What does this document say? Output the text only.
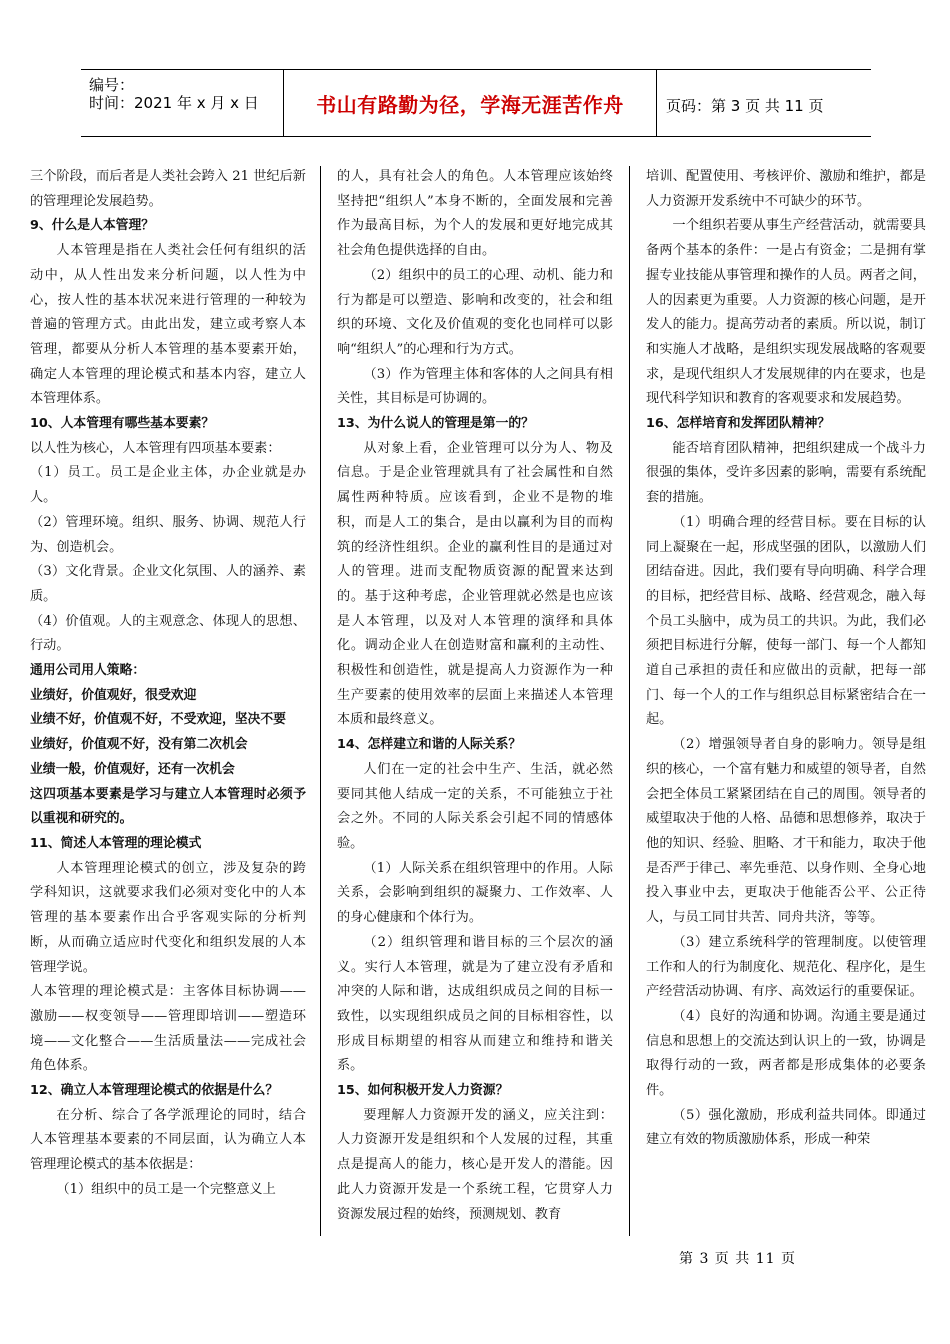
编号：
时间：2021 年 x 月 x 日	书山有路勤为径，学海无涯苦作舟	页码：第 3 页 共 11 页

三个阶段，而后者是人类社会跨入 21 世纪后新的管理理论发展趋势。

9、什么是人本管理？

人本管理是指在人类社会任何有组织的活动中，从人性出发来分析问题，以人性为中心，按人性的基本状况来进行管理的一种较为普遍的管理方式。由此出发，建立或考察人本管理，都要从分析人本管理的基本要素开始，确定人本管理的理论模式和基本内容，建立人本管理体系。

10、人本管理有哪些基本要素？

以人性为核心，人本管理有四项基本要素：

（1）员工。员工是企业主体，办企业就是办人。

（2）管理环境。组织、服务、协调、规范人行为、创造机会。

（3）文化背景。企业文化氛围、人的涵养、素质。

（4）价值观。人的主观意念、体现人的思想、行动。

通用公司用人策略：

业绩好，价值观好，很受欢迎

业绩不好，价值观不好，不受欢迎，坚决不要

业绩好，价值观不好，没有第二次机会

业绩一般，价值观好，还有一次机会

这四项基本要素是学习与建立人本管理时必须予以重视和研究的。

11、简述人本管理的理论模式

人本管理理论模式的创立，涉及复杂的跨学科知识，这就要求我们必须对变化中的人本管理的基本要素作出合乎客观实际的分析判断，从而确立适应时代变化和组织发展的人本管理学说。

人本管理的理论模式是：主客体目标协调——激励——权变领导——管理即培训——塑造环境——文化整合——生活质量法——完成社会角色体系。

12、确立人本管理理论模式的依据是什么？

在分析、综合了各学派理论的同时，结合人本管理基本要素的不同层面，认为确立人本管理理论模式的基本依据是：

（1）组织中的员工是一个完整意义上

的人，具有社会人的角色。人本管理应该始终坚持把“组织人”本身不断的，全面发展和完善作为最高目标，为个人的发展和更好地完成其社会角色提供选择的自由。

（2）组织中的员工的心理、动机、能力和行为都是可以塑造、影响和改变的，社会和组织的环境、文化及价值观的变化也同样可以影响“组织人”的心理和行为方式。

（3）作为管理主体和客体的人之间具有相关性，其目标是可协调的。

13、为什么说人的管理是第一的？

从对象上看，企业管理可以分为人、物及信息。于是企业管理就具有了社会属性和自然属性两种特质。应该看到，企业不是物的堆积，而是人工的集合，是由以赢利为目的而构筑的经济性组织。企业的赢利性目的是通过对人的管理。进而支配物质资源的配置来达到的。基于这种考虑，企业管理就必然是也应该是人本管理，以及对人本管理的演绎和具体化。调动企业人在创造财富和赢利的主动性、积极性和创造性，就是提高人力资源作为一种生产要素的使用效率的层面上来描述人本管理本质和最终意义。

14、怎样建立和谐的人际关系？

人们在一定的社会中生产、生活，就必然要同其他人结成一定的关系，不可能独立于社会之外。不同的人际关系会引起不同的情感体验。

（1）人际关系在组织管理中的作用。人际关系，会影响到组织的凝聚力、工作效率、人的身心健康和个体行为。

（2）组织管理和谐目标的三个层次的涵义。实行人本管理，就是为了建立没有矛盾和冲突的人际和谐，达成组织成员之间的目标一致性，以实现组织成员之间的目标相容性，以形成目标期望的相容从而建立和维持和谐关系。

15、如何积极开发人力资源？

要理解人力资源开发的涵义，应关注到：人力资源开发是组织和个人发展的过程，其重点是提高人的能力，核心是开发人的潜能。因此人力资源开发是一个系统工程，它贯穿人力资源发展过程的始终，预测规划、教育

培训、配置使用、考核评价、激励和维护，都是人力资源开发系统中不可缺少的环节。

一个组织若要从事生产经营活动，就需要具备两个基本的条件：一是占有资金；二是拥有掌握专业技能从事管理和操作的人员。两者之间，人的因素更为重要。人力资源的核心问题，是开发人的能力。提高劳动者的素质。所以说，制订和实施人才战略，是组织实现发展战略的客观要求，是现代组织人才发展规律的内在要求，也是现代科学知识和教育的客观要求和发展趋势。

16、怎样培育和发挥团队精神？

能否培育团队精神，把组织建成一个战斗力很强的集体，受许多因素的影响，需要有系统配套的措施。

（1）明确合理的经营目标。要在目标的认同上凝聚在一起，形成坚强的团队，以激励人们团结奋进。因此，我们要有导向明确、科学合理的目标，把经营目标、战略、经营观念，融入每个员工头脑中，成为员工的共识。为此，我们必须把目标进行分解，使每一部门、每一个人都知道自己承担的责任和应做出的贡献，把每一部门、每一个人的工作与组织总目标紧密结合在一起。

（2）增强领导者自身的影响力。领导是组织的核心，一个富有魅力和威望的领导者，自然会把全体员工紧紧团结在自己的周围。领导者的威望取决于他的人格、品德和思想修养，取决于他的知识、经验、胆略、才干和能力，取决于他是否严于律己、率先垂范、以身作则、全身心地投入事业中去，更取决于他能否公平、公正待人，与员工同甘共苦、同舟共济，等等。

（3）建立系统科学的管理制度。以使管理工作和人的行为制度化、规范化、程序化，是生产经营活动协调、有序、高效运行的重要保证。

（4）良好的沟通和协调。沟通主要是通过信息和思想上的交流达到认识上的一致，协调是取得行动的一致，两者都是形成集体的必要条件。

（5）强化激励，形成利益共同体。即通过建立有效的物质激励体系，形成一种荣

第 3 页 共 11 页
